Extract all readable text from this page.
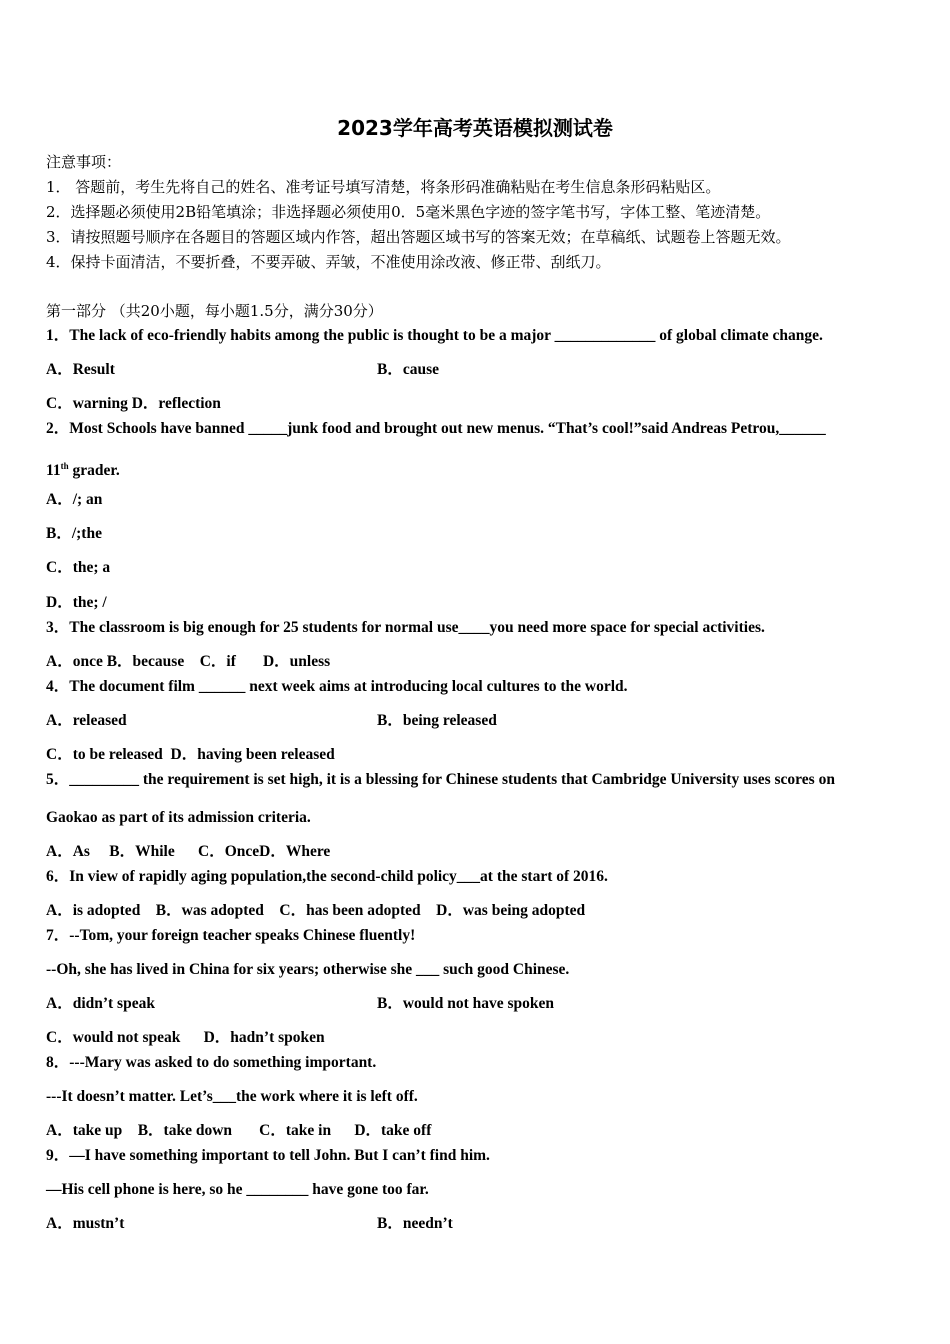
2023学年高考英语模拟测试卷
注意事项：
1． 答题前，考生先将自己的姓名、准考证号填写清楚，将条形码准确粘贴在考生信息条形码粘贴区。
2．选择题必须使用2B铅笔填涂；非选择题必须使用0．5毫米黑色字迹的签字笔书写，字体工整、笔迹清楚。
3．请按照题号顺序在各题目的答题区域内作答，超出答题区域书写的答案无效；在草稿纸、试题卷上答题无效。
4．保持卡面清洁，不要折叠，不要弄破、弄皱，不准使用涂改液、修正带、刮纸刀。
第一部分 （共20小题，每小题1.5分，满分30分）
1．The lack of eco-friendly habits among the public is thought to be a major _____________ of global climate change.
A．Result	B．cause
C．warning D．reflection
2．Most Schools have banned _____junk food and brought out new menus. “That’s cool!”said Andreas Petrou,______
11th grader.
A．/; an
B．/;the
C．the; a
D．the; /
3．The classroom is big enough for 25 students for normal use____you need more space for special activities.
A．once B．because    C．if       D．unless
4．The document film ______ next week aims at introducing local cultures to the world.
A．released	B．being released
C．to be released  D．having been released
5．_________ the requirement is set high, it is a blessing for Chinese students that Cambridge University uses scores on
Gaokao as part of its admission criteria.
A．As     B．While      C．OnceD．Where
6．In view of rapidly aging population,the second-child policy___at the start of 2016.
A．is adopted    B．was adopted    C．has been adopted    D．was being adopted
7．--Tom, your foreign teacher speaks Chinese fluently!
--Oh, she has lived in China for six years; otherwise she ___ such good Chinese.
A．didn’t speak	B．would not have spoken
C．would not speak      D．hadn’t spoken
8．---Mary was asked to do something important.
---It doesn’t matter. Let’s___the work where it is left off.
A．take up    B．take down       C．take in      D．take off
9．—I have something important to tell John. But I can’t find him.
—His cell phone is here, so he ________ have gone too far.
A．mustn’t	B．needn’t
